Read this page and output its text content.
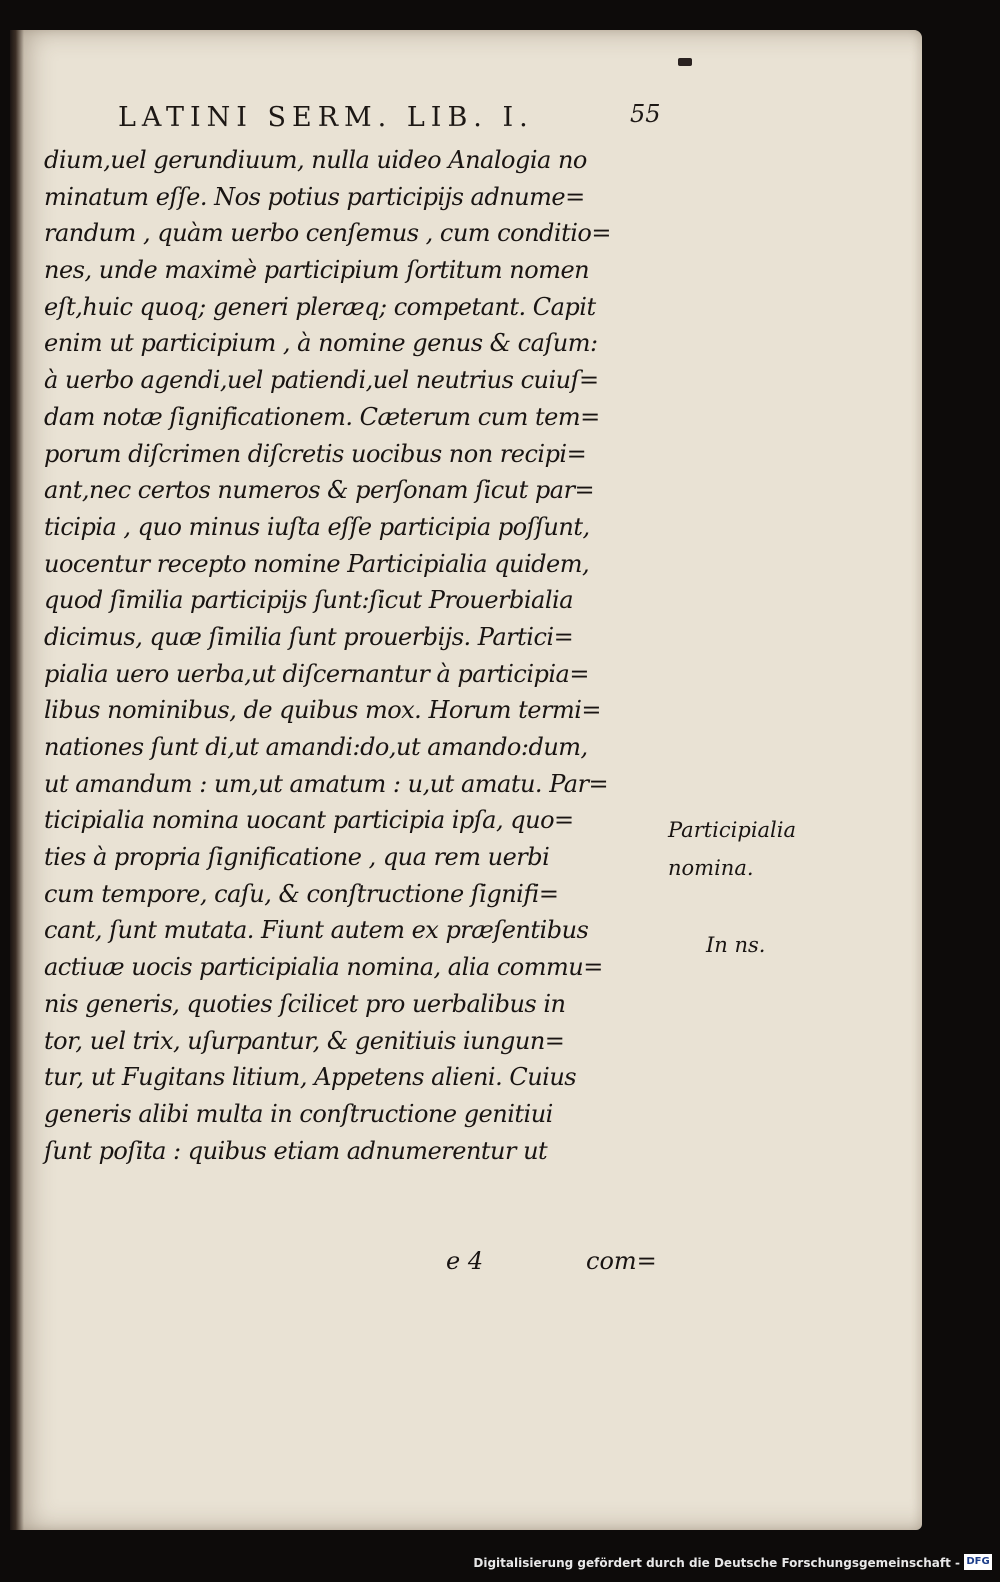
LATINI SERM. LIB. I.	55
dium,uel gerundiuum, nulla uideo Analogia no
minatum eſſe. Nos potius participijs adnume=
randum , quàm uerbo cenſemus , cum conditio=
nes, unde maximè participium ſortitum nomen
eſt,huic quoq; generi pleræq; competant. Capit
enim ut participium , à nomine genus & caſum:
à uerbo agendi,uel patiendi,uel neutrius cuiuſ=
dam notæ ſignificationem. Cæterum cum tem=
porum diſcrimen diſcretis uocibus non recipi=
ant,nec certos numeros & perſonam ſicut par=
ticipia , quo minus iuſta eſſe participia poſſunt,
uocentur recepto nomine Participialia quidem,
quod ſimilia participijs ſunt:ſicut Prouerbialia
dicimus, quæ ſimilia ſunt prouerbijs. Partici=
pialia uero uerba,ut diſcernantur à participia=
libus nominibus, de quibus mox. Horum termi=
nationes ſunt di,ut amandi:do,ut amando:dum,
ut amandum : um,ut amatum : u,ut amatu. Par=
ticipialia nomina uocant participia ipſa, quo=
ties à propria ſignificatione , qua rem uerbi
cum tempore, caſu, & conſtructione ſignifi=
cant, ſunt mutata. Fiunt autem ex præſentibus
actiuæ uocis participialia nomina, alia commu=
nis generis, quoties ſcilicet pro uerbalibus in
tor, uel trix, uſurpantur, & genitiuis iungun=
tur, ut Fugitans litium, Appetens alieni. Cuius
generis alibi multa in conſtructione genitiui
ſunt poſita : quibus etiam adnumerentur ut
e 4	com=
Participialia
nomina.
In ns.
Digitalisierung gefördert durch die Deutsche Forschungsgemeinschaft - DFG
